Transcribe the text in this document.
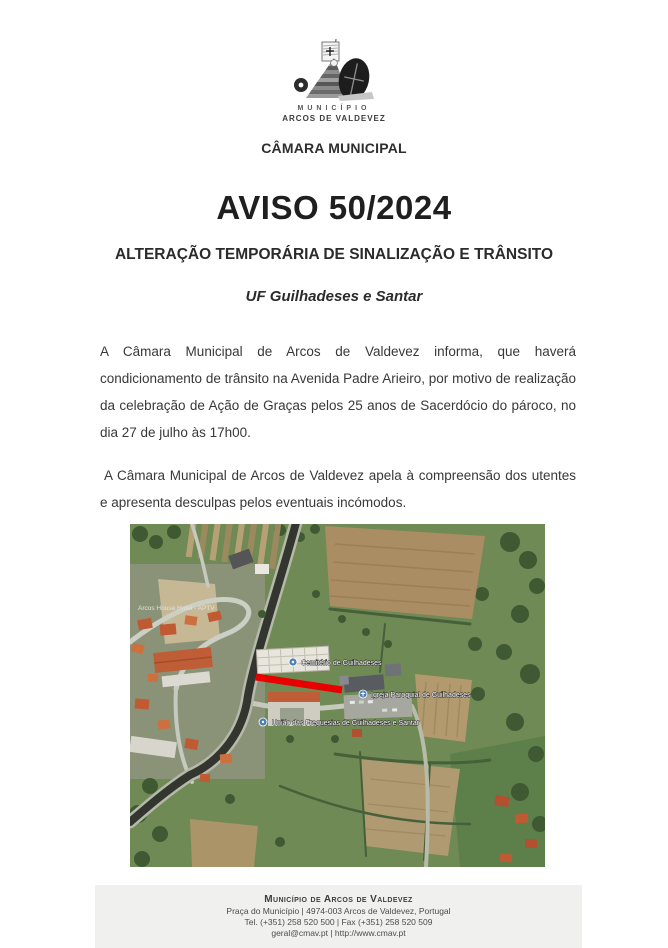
MUNICÍPIO
ARCOS DE VALDEVEZ
CÂMARA MUNICIPAL
AVISO 50/2024
ALTERAÇÃO TEMPORÁRIA DE SINALIZAÇÃO E TRÂNSITO
UF Guilhadeses e Santar

A Câmara Municipal de Arcos de Valdevez informa, que haverá condicionamento de trânsito na Avenida Padre Arieiro, por motivo de realização da celebração de Ação de Graças pelos 25 anos de Sacerdócio do pároco, no dia 27 de julho às 17h00.

A Câmara Municipal de Arcos de Valdevez apela à compreensão dos utentes e apresenta desculpas pelos eventuais incómodos.

Arcos House Hotel - APTV
Cemitério de Guilhadeses
Igreja Paroquial de Guilhadeses
União das Freguesias de Guilhadeses e Santar
Município de Arcos de Valdevez
Praça do Município | 4974-003 Arcos de Valdevez, Portugal
Tel. (+351) 258 520 500 | Fax (+351) 258 520 509
geral@cmav.pt | http://www.cmav.pt
